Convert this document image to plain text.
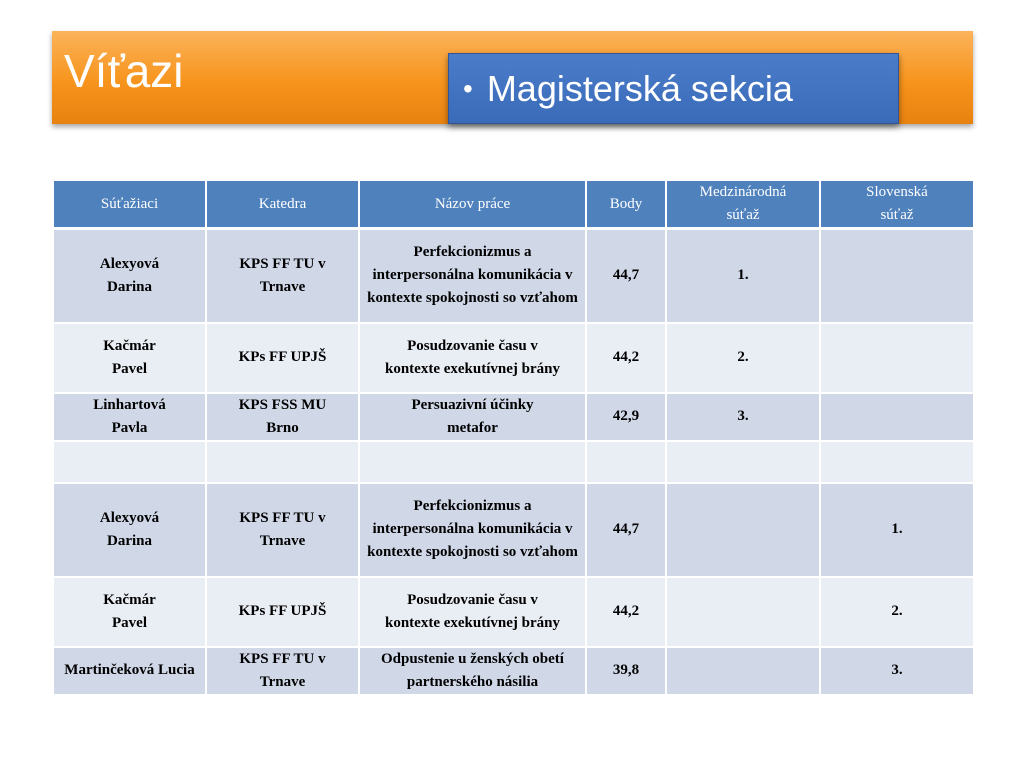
Víťazi	• Magisterská sekcia
Súťažiaci	Katedra	Názov práce	Body	Medzinárodná súťaž	Slovenská súťaž
Alexyová Darina	KPS FF TU v Trnave	Perfekcionizmus a interpersonálna komunikácia v kontexte spokojnosti so vzťahom	44,7	1.	
Kačmár Pavel	KPs FF UPJŠ	Posudzovanie času v kontexte exekutívnej brány	44,2	2.	
Linhartová Pavla	KPS FSS MU Brno	Persuazivní účinky metafor	42,9	3.	

Alexyová Darina	KPS FF TU v Trnave	Perfekcionizmus a interpersonálna komunikácia v kontexte spokojnosti so vzťahom	44,7		1.
Kačmár Pavel	KPs FF UPJŠ	Posudzovanie času v kontexte exekutívnej brány	44,2		2.
Martinčeková Lucia	KPS FF TU v Trnave	Odpustenie u ženských obetí partnerského násilia	39,8		3.
